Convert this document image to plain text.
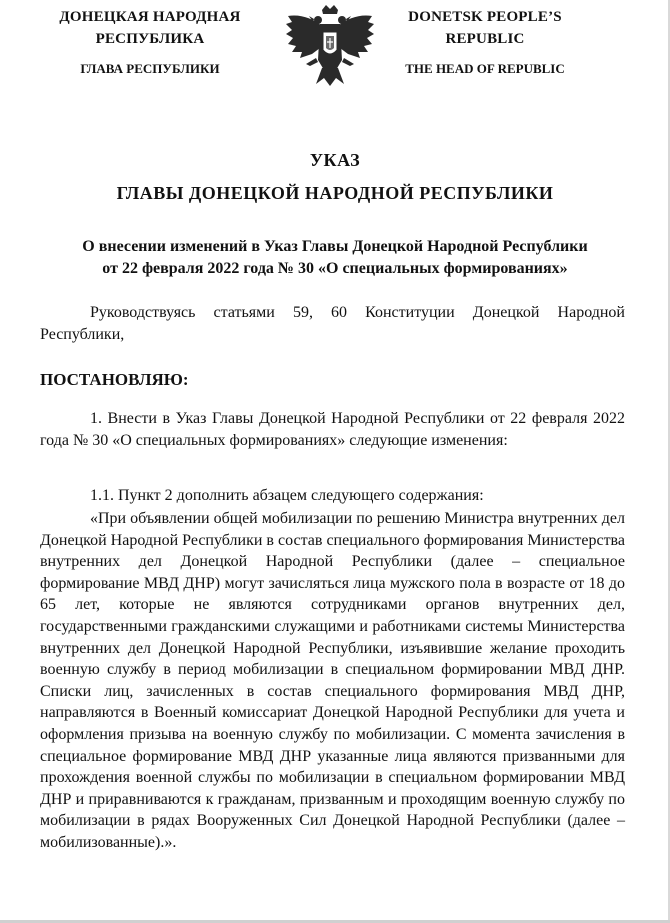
ДОНЕЦКАЯ НАРОДНАЯ
РЕСПУБЛИКА
ГЛАВА РЕСПУБЛИКИ
DONETSK PEOPLE’S
REPUBLIC
THE HEAD OF REPUBLIC
УКАЗ
ГЛАВЫ ДОНЕЦКОЙ НАРОДНОЙ РЕСПУБЛИКИ
О внесении изменений в Указ Главы Донецкой Народной Республики
от 22 февраля 2022 года № 30 «О специальных формированиях»
Руководствуясь статьями 59, 60 Конституции Донецкой Народной Республики,
ПОСТАНОВЛЯЮ:
1. Внести в Указ Главы Донецкой Народной Республики от 22 февраля 2022 года № 30 «О специальных формированиях» следующие изменения:
1.1. Пункт 2 дополнить абзацем следующего содержания:
«При объявлении общей мобилизации по решению Министра внутренних дел Донецкой Народной Республики в состав специального формирования Министерства внутренних дел Донецкой Народной Республики (далее – специальное формирование МВД ДНР) могут зачисляться лица мужского пола в возрасте от 18 до 65 лет, которые не являются сотрудниками органов внутренних дел, государственными гражданскими служащими и работниками системы Министерства внутренних дел Донецкой Народной Республики, изъявившие желание проходить военную службу в период мобилизации в специальном формировании МВД ДНР. Списки лиц, зачисленных в состав специального формирования МВД ДНР, направляются в Военный комиссариат Донецкой Народной Республики для учета и оформления призыва на военную службу по мобилизации. С момента зачисления в специальное формирование МВД ДНР указанные лица являются призванными для прохождения военной службы по мобилизации в специальном формировании МВД ДНР и приравниваются к гражданам, призванным и проходящим военную службу по мобилизации в рядах Вооруженных Сил Донецкой Народной Республики (далее – мобилизованные).».
